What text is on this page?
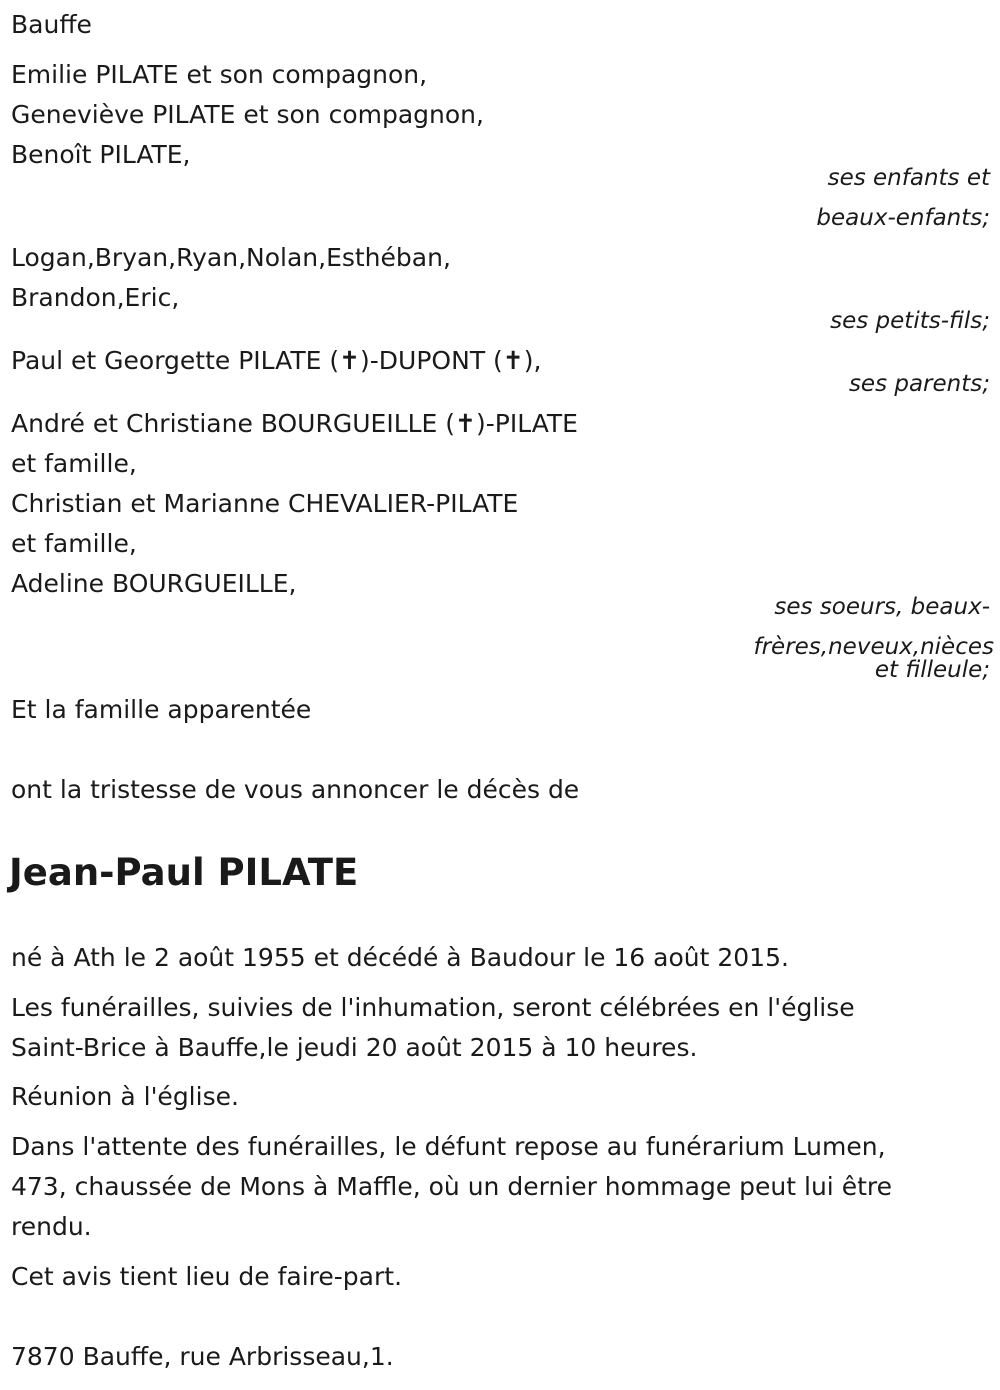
Bauffe

Emilie PILATE et son compagnon,

Geneviève PILATE et son compagnon,

Benoît PILATE,

ses enfants et

beaux-enfants;

Logan,Bryan,Ryan,Nolan,Esthéban,

Brandon,Eric,

ses petits-fils;

Paul et Georgette PILATE (✝)-DUPONT (✝),

ses parents;

André et Christiane BOURGUEILLE (✝)-PILATE

et famille,

Christian et Marianne CHEVALIER-PILATE

et famille,

Adeline BOURGUEILLE,

ses soeurs, beaux-

frères,neveux,nièces

et filleule;

Et la famille apparentée

ont la tristesse de vous annoncer le décès de

Jean-Paul PILATE

né à Ath le 2 août 1955 et décédé à Baudour le 16 août 2015.

Les funérailles, suivies de l'inhumation, seront célébrées en l'église

Saint-Brice à Bauffe,le jeudi 20 août 2015 à 10 heures.

Réunion à l'église.

Dans l'attente des funérailles, le défunt repose au funérarium Lumen,

473, chaussée de Mons à Maffle, où un dernier hommage peut lui être

rendu.

Cet avis tient lieu de faire-part.

7870 Bauffe, rue Arbrisseau,1.
